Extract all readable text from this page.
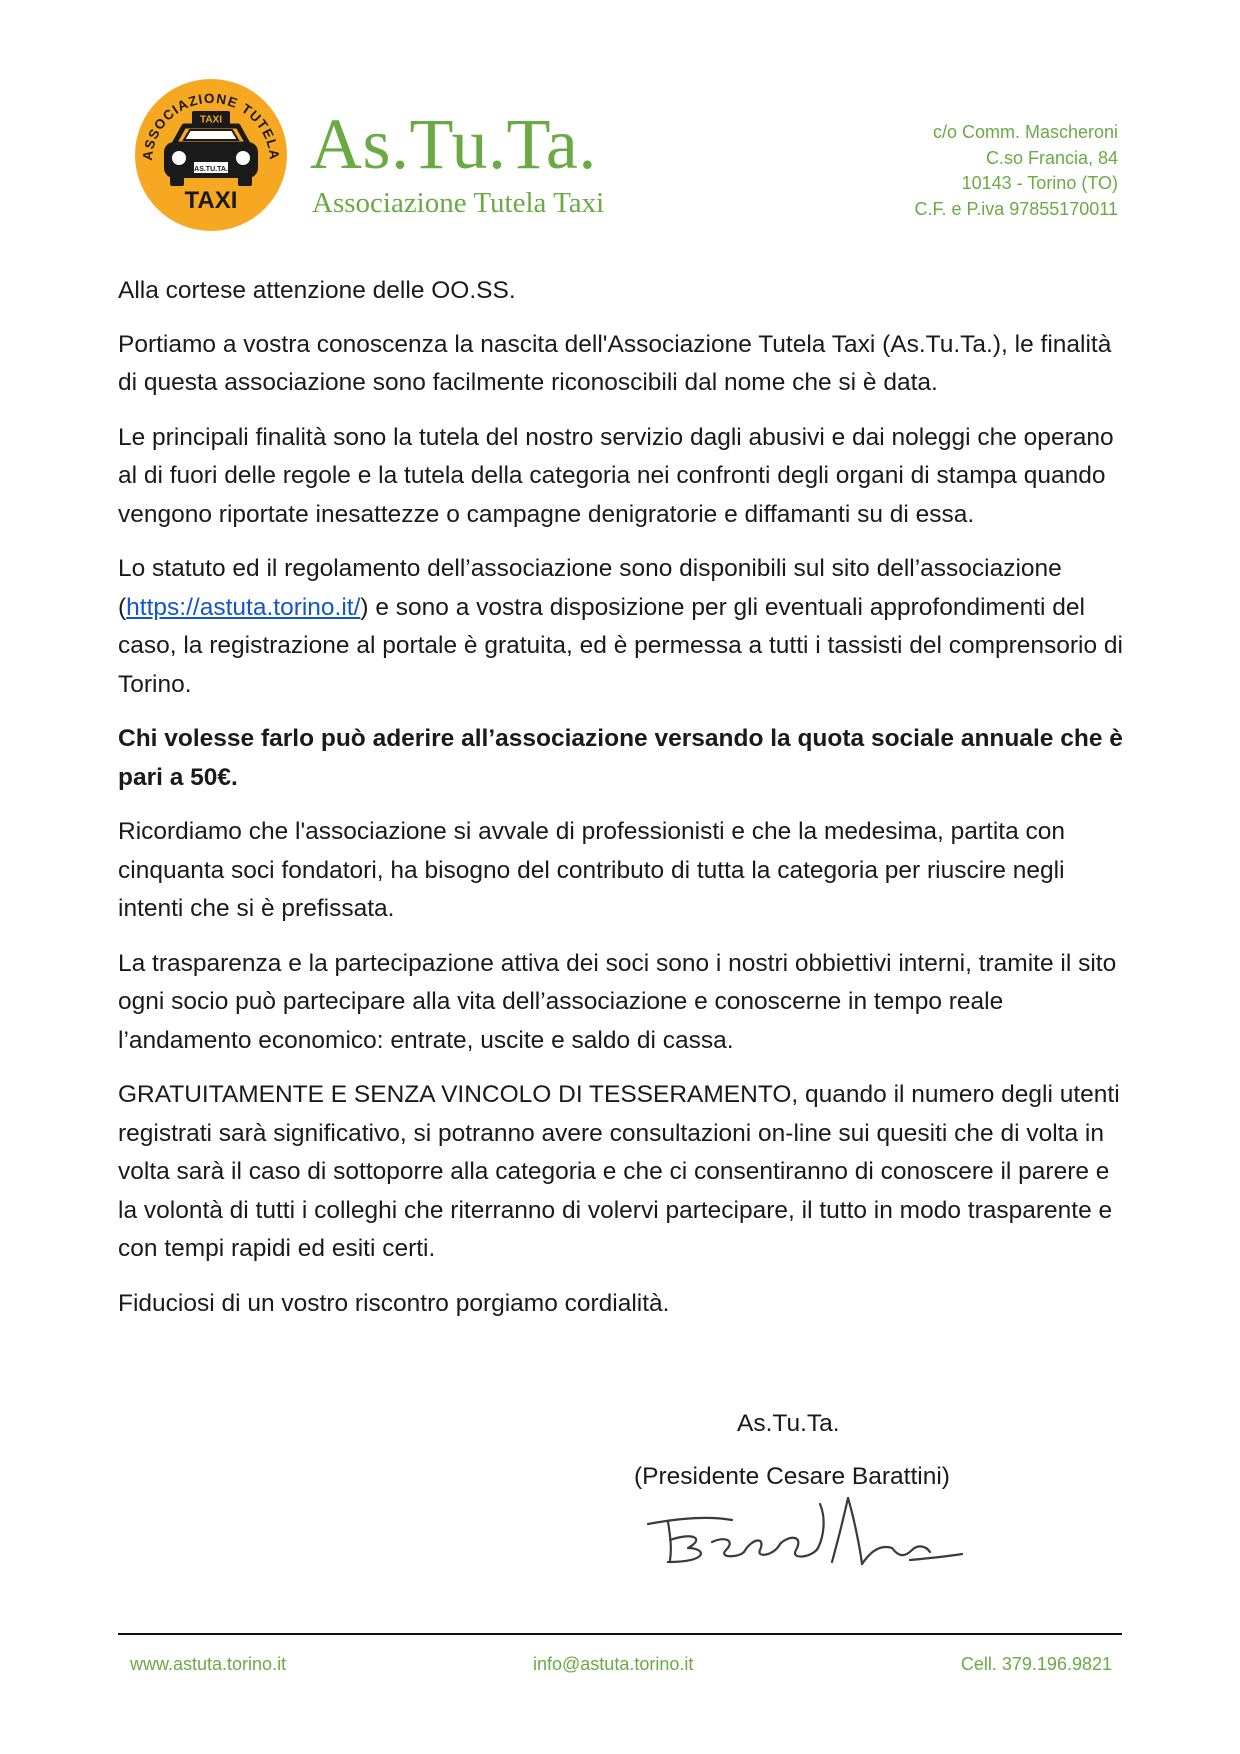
ASSOCIAZIONE TUTELA
TAXI
AS.TU.TA.
TAXI
As.Tu.Ta.
Associazione Tutela Taxi
c/o Comm. Mascheroni
C.so Francia, 84
10143 - Torino (TO)
C.F. e P.iva 97855170011

Alla cortese attenzione delle OO.SS.

Portiamo a vostra conoscenza la nascita dell'Associazione Tutela Taxi (As.Tu.Ta.), le finalità di questa associazione sono facilmente riconoscibili dal nome che si è data.

Le principali finalità sono la tutela del nostro servizio dagli abusivi e dai noleggi che operano al di fuori delle regole e la tutela della categoria nei confronti degli organi di stampa quando vengono riportate inesattezze o campagne denigratorie e diffamanti su di essa.

Lo statuto ed il regolamento dell’associazione sono disponibili sul sito dell’associazione (https://astuta.torino.it/) e sono a vostra disposizione per gli eventuali approfondimenti del caso, la registrazione al portale è gratuita, ed è permessa a tutti i tassisti del comprensorio di Torino.

Chi volesse farlo può aderire all’associazione versando la quota sociale annuale che è pari a 50€.

Ricordiamo che l'associazione si avvale di professionisti e che la medesima, partita con cinquanta soci fondatori, ha bisogno del contributo di tutta la categoria per riuscire negli intenti che si è prefissata.

La trasparenza e la partecipazione attiva dei soci sono i nostri obbiettivi interni, tramite il sito ogni socio può partecipare alla vita dell’associazione e conoscerne in tempo reale l’andamento economico: entrate, uscite e saldo di cassa.

GRATUITAMENTE E SENZA VINCOLO DI TESSERAMENTO, quando il numero degli utenti registrati sarà significativo, si potranno avere consultazioni on-line sui quesiti che di volta in volta sarà il caso di sottoporre alla categoria e che ci consentiranno di conoscere il parere e la volontà di tutti i colleghi che riterranno di volervi partecipare, il tutto in modo trasparente e con tempi rapidi ed esiti certi.

Fiduciosi di un vostro riscontro porgiamo cordialità.

As.Tu.Ta.
(Presidente Cesare Barattini)
www.astuta.torino.it	info@astuta.torino.it	Cell. 379.196.9821
